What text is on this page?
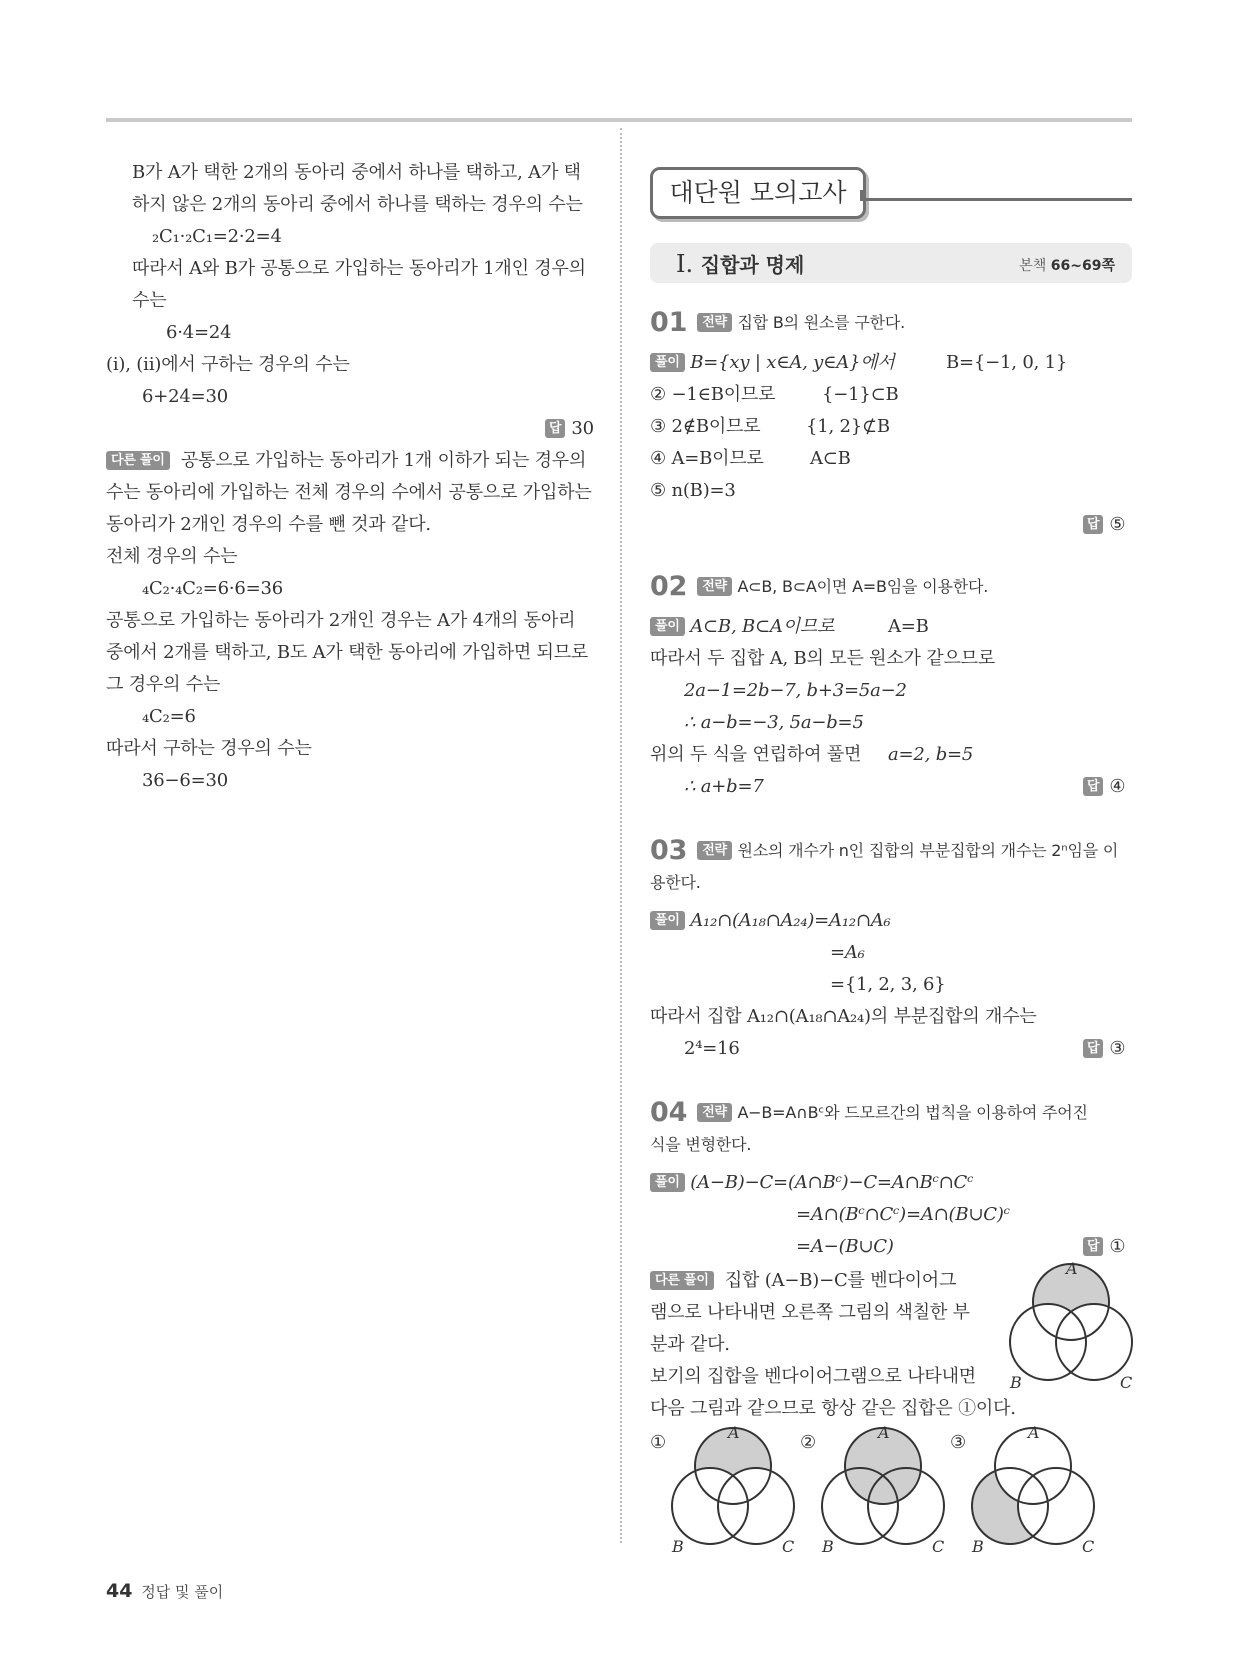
B가 A가 택한 2개의 동아리 중에서 하나를 택하고, A가 택
하지 않은 2개의 동아리 중에서 하나를 택하는 경우의 수는
₂C₁·₂C₁=2·2=4
따라서 A와 B가 공통으로 가입하는 동아리가 1개인 경우의
수는
6·4=24
(ⅰ), (ⅱ)에서 구하는 경우의 수는
6+24=30
답 30
다른 풀이 공통으로 가입하는 동아리가 1개 이하가 되는 경우의
수는 동아리에 가입하는 전체 경우의 수에서 공통으로 가입하는
동아리가 2개인 경우의 수를 뺀 것과 같다.
전체 경우의 수는
₄C₂·₄C₂=6·6=36
공통으로 가입하는 동아리가 2개인 경우는 A가 4개의 동아리
중에서 2개를 택하고, B도 A가 택한 동아리에 가입하면 되므로
그 경우의 수는
₄C₂=6
따라서 구하는 경우의 수는
36−6=30
대단원 모의고사
Ⅰ. 집합과 명제	본책 66~69쪽
01 전략 집합 B의 원소를 구한다.
풀이 B={xy | x∈A, y∈A}에서	B={−1, 0, 1}
② −1∈B이므로	{−1}⊂B
③ 2∉B이므로	{1, 2}⊄B
④ A=B이므로	A⊂B
⑤ n(B)=3
답 ⑤
02 전략 A⊂B, B⊂A이면 A=B임을 이용한다.
풀이 A⊂B, B⊂A이므로	A=B
따라서 두 집합 A, B의 모든 원소가 같으므로
2a−1=2b−7, b+3=5a−2
∴ a−b=−3, 5a−b=5
위의 두 식을 연립하여 풀면 a=2, b=5
∴ a+b=7	답 ④
03 전략 원소의 개수가 n인 집합의 부분집합의 개수는 2ⁿ임을 이
용한다.
풀이 A₁₂∩(A₁₈∩A₂₄)=A₁₂∩A₆
=A₆
={1, 2, 3, 6}
따라서 집합 A₁₂∩(A₁₈∩A₂₄)의 부분집합의 개수는
2⁴=16	답 ③
04 전략 A−B=A∩Bᶜ와 드모르간의 법칙을 이용하여 주어진
식을 변형한다.
풀이 (A−B)−C=(A∩Bᶜ)−C=A∩Bᶜ∩Cᶜ
=A∩(Bᶜ∩Cᶜ)=A∩(B∪C)ᶜ
=A−(B∪C)	답 ①
다른 풀이 집합 (A−B)−C를 벤다이어그
램으로 나타내면 오른쪽 그림의 색칠한 부
분과 같다.
보기의 집합을 벤다이어그램으로 나타내면
다음 그림과 같으므로 항상 같은 집합은 ①이다.
A
B	C
①	A
B	C
②	A
B	C
③	A
B	C
44 정답 및 풀이
